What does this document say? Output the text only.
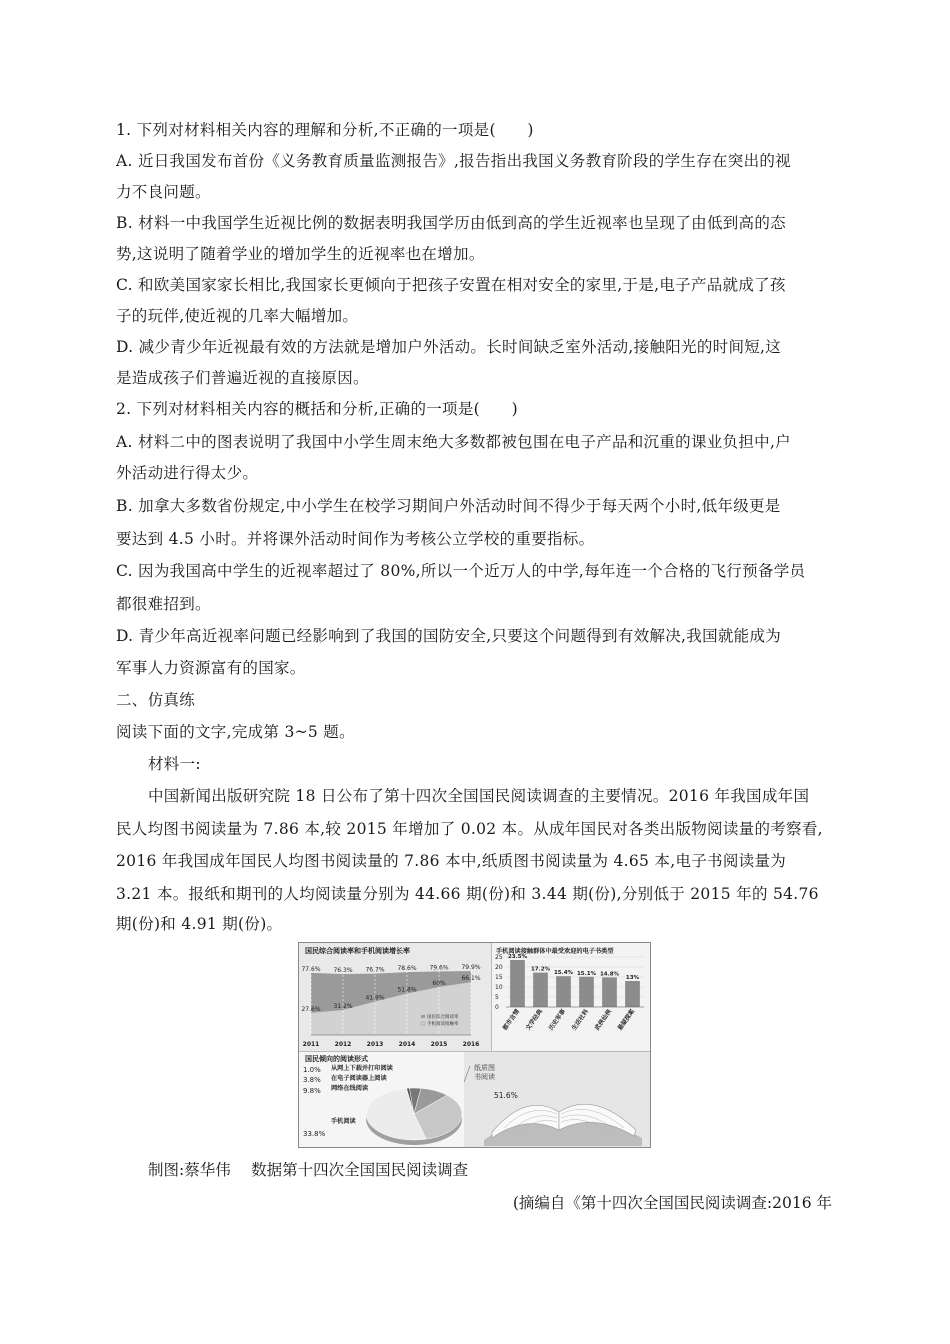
1. 下列对材料相关内容的理解和分析,不正确的一项是(　　)
A. 近日我国发布首份《义务教育质量监测报告》,报告指出我国义务教育阶段的学生存在突出的视
力不良问题。
B. 材料一中我国学生近视比例的数据表明我国学历由低到高的学生近视率也呈现了由低到高的态
势,这说明了随着学业的增加学生的近视率也在增加。
C. 和欧美国家家长相比,我国家长更倾向于把孩子安置在相对安全的家里,于是,电子产品就成了孩
子的玩伴,使近视的几率大幅增加。
D. 减少青少年近视最有效的方法就是增加户外活动。长时间缺乏室外活动,接触阳光的时间短,这
是造成孩子们普遍近视的直接原因。
2. 下列对材料相关内容的概括和分析,正确的一项是(　　)
A. 材料二中的图表说明了我国中小学生周末绝大多数都被包围在电子产品和沉重的课业负担中,户
外活动进行得太少。
B. 加拿大多数省份规定,中小学生在校学习期间户外活动时间不得少于每天两个小时,低年级更是
要达到 4.5 小时。并将课外活动时间作为考核公立学校的重要指标。
C. 因为我国高中学生的近视率超过了 80%,所以一个近万人的中学,每年连一个合格的飞行预备学员
都很难招到。
D. 青少年高近视率问题已经影响到了我国的国防安全,只要这个问题得到有效解决,我国就能成为
军事人力资源富有的国家。
二、仿真练
阅读下面的文字,完成第 3~5 题。
材料一:
中国新闻出版研究院 18 日公布了第十四次全国国民阅读调查的主要情况。2016 年我国成年国
民人均图书阅读量为 7.86 本,较 2015 年增加了 0.02 本。从成年国民对各类出版物阅读量的考察看,
2016 年我国成年国民人均图书阅读量的 7.86 本中,纸质图书阅读量为 4.65 本,电子书阅读量为
3.21 本。报纸和期刊的人均阅读量分别为 44.66 期(份)和 3.44 期(份),分别低于 2015 年的 54.76
期(份)和 4.91 期(份)。
国民综合阅读率和手机阅读增长率
77.6%
27.6%
2011
76.3%
31.2%
2012
76.7%
41.9%
2013
78.6%
51.8%
2014
79.6%
60%
2015
79.9%
66.1%
2016
国民综合阅读率
手机阅读接触率
手机阅读接触群体中最受欢迎的电子书类型
25
20
15
10
5
0
23.5%
都市言情
17.2%
文学经典
15.4%
历史军事
15.1%
生活社科
14.8%
武侠仙侠
13%
悬疑探案
国民倾向的阅读形式
1.0% 从网上下载并打印阅读
3.8% 在电子阅读器上阅读
9.8% 网络在线阅读
33.8%
手机阅读
纸质图
书阅读
51.6%
制图:蔡华伟　 数据第十四次全国国民阅读调查
(摘编自《第十四次全国国民阅读调查:2016 年
